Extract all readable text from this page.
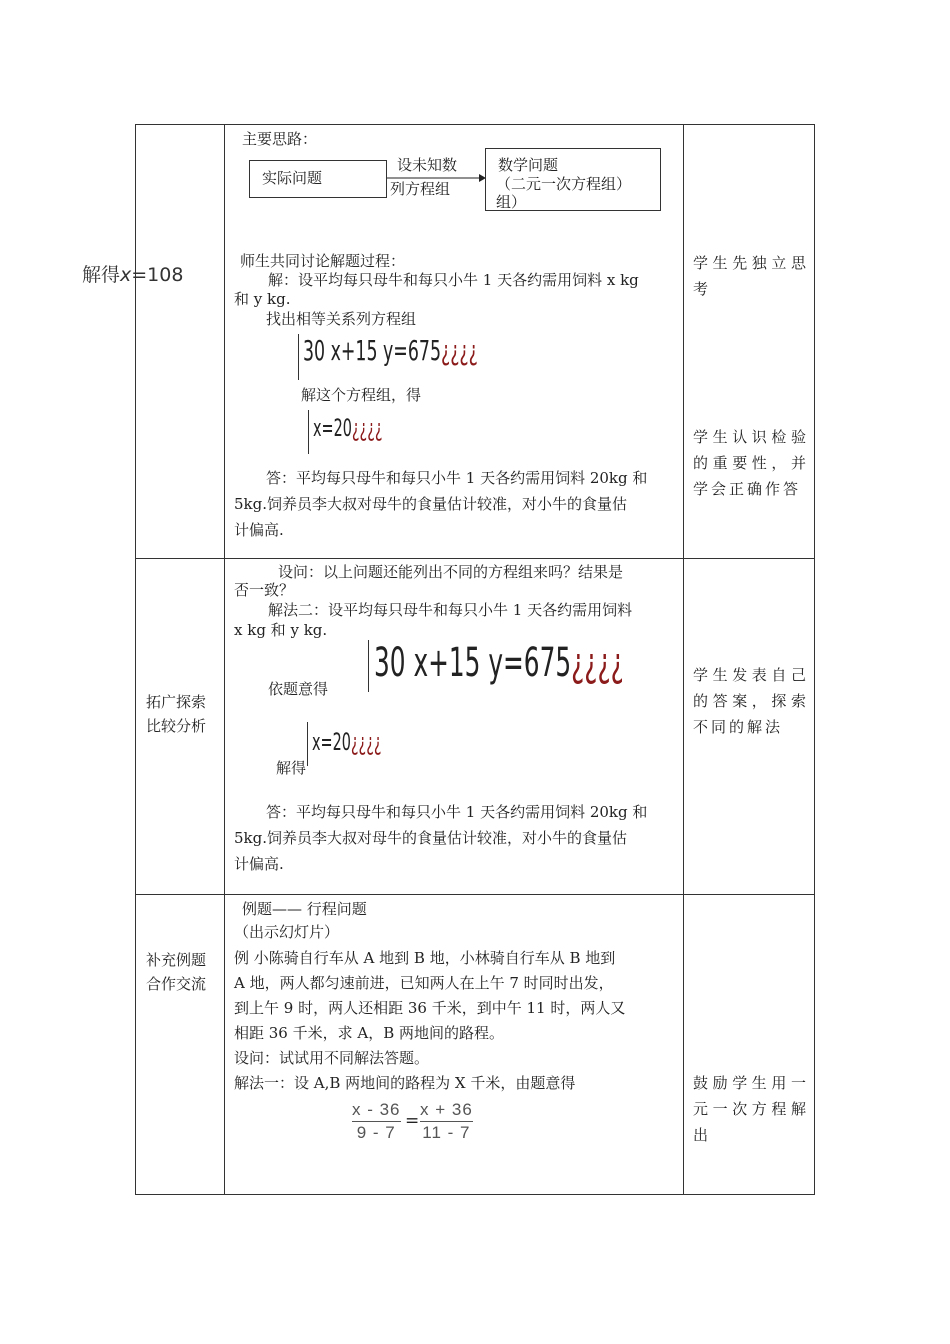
解得x=108
主要思路：
实际问题
设未知数
列方程组
数学问题
（二元一次方程组）
组）
师生共同讨论解题过程：
解：设平均每只母牛和每只小牛 1 天各约需用饲料 x kg
和 y kg.
找出相等关系列方程组
30 x+15 y=675¿¿¿¿
解这个方程组，得
x=20¿¿¿¿
答：平均每只母牛和每只小牛 1 天各约需用饲料 20kg 和
5kg.饲养员李大叔对母牛的食量估计较准，对小牛的食量估
计偏高.
学生先独立思考
学生认识检验的重要性，并学会正确作答
拓广探索
比较分析
设问：以上问题还能列出不同的方程组来吗？结果是
否一致？
解法二：设平均每只母牛和每只小牛 1 天各约需用饲料
x kg 和 y kg.
依题意得
30 x+15 y=675¿¿¿¿
解得
x=20¿¿¿¿
答：平均每只母牛和每只小牛 1 天各约需用饲料 20kg 和
5kg.饲养员李大叔对母牛的食量估计较准，对小牛的食量估
计偏高.
学生发表自己的答案，探索不同的解法
补充例题
合作交流
例题—— 行程问题
（出示幻灯片）
例 小陈骑自行车从 A 地到 B 地，小林骑自行车从 B 地到
A 地，两人都匀速前进，已知两人在上午 7 时同时出发，
到上午 9 时，两人还相距 36 千米，到中午 11 时，两人又
相距 36 千米，求 A，B 两地间的路程。
设问：试试用不同解法答题。
解法一：设 A,B 两地间的路程为 X 千米，由题意得
x - 36
9 - 7
=
x + 36
11 - 7
鼓励学生用一元一次方程解出
